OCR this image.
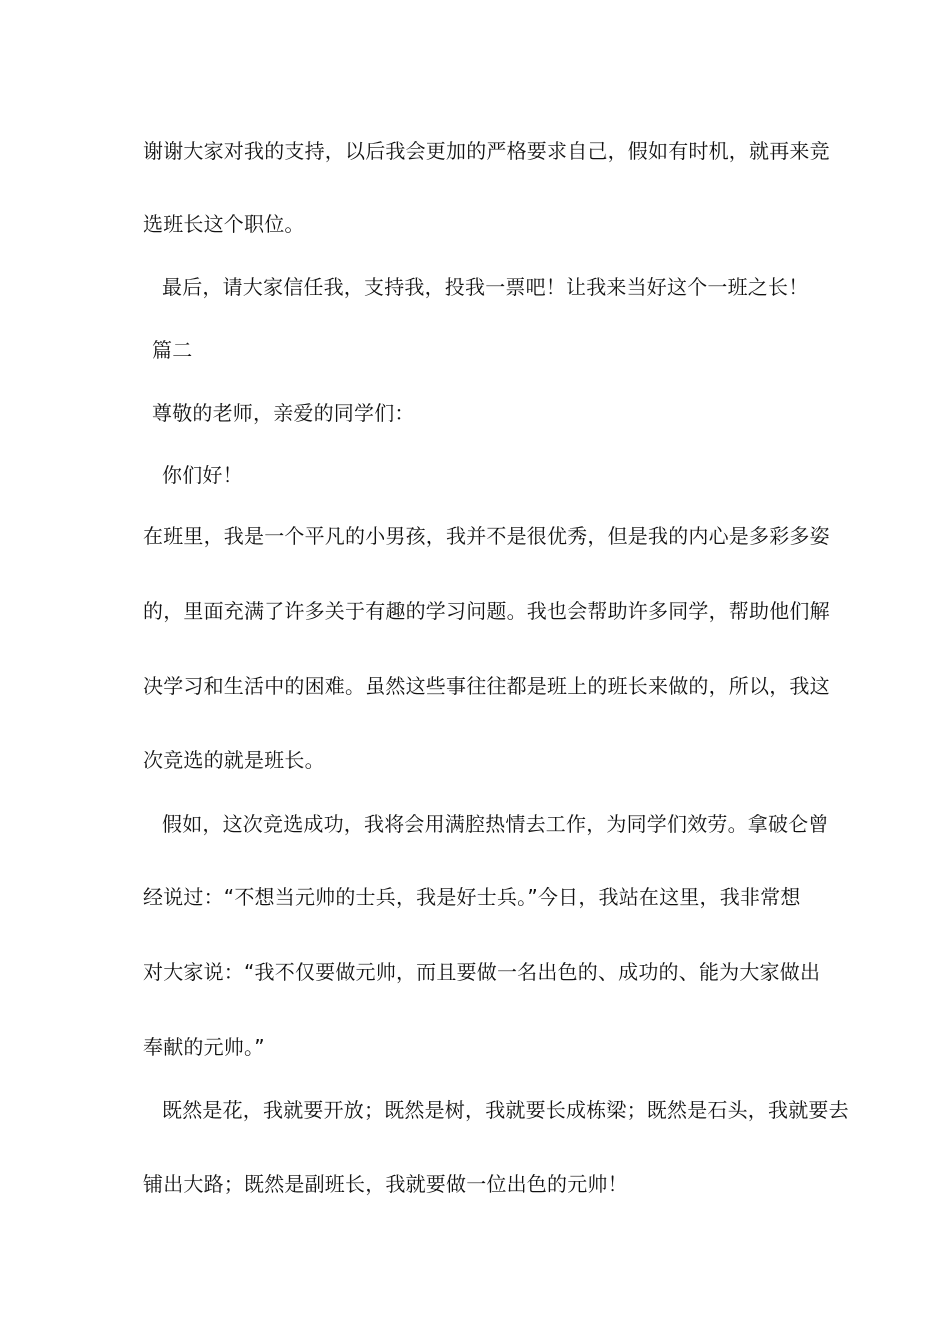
谢谢大家对我的支持，以后我会更加的严格要求自己，假如有时机，就再来竞
选班长这个职位。
最后，请大家信任我，支持我，投我一票吧！让我来当好这个一班之长！
篇二
尊敬的老师，亲爱的同学们：
你们好！
在班里，我是一个平凡的小男孩，我并不是很优秀，但是我的内心是多彩多姿
的，里面充满了许多关于有趣的学习问题。我也会帮助许多同学，帮助他们解
决学习和生活中的困难。虽然这些事往往都是班上的班长来做的，所以，我这
次竞选的就是班长。
假如，这次竞选成功，我将会用满腔热情去工作，为同学们效劳。拿破仑曾
经说过：“不想当元帅的士兵，我是好士兵。”今日，我站在这里，我非常想
对大家说：“我不仅要做元帅，而且要做一名出色的、成功的、能为大家做出
奉献的元帅。”
既然是花，我就要开放；既然是树，我就要长成栋梁；既然是石头，我就要去
铺出大路；既然是副班长，我就要做一位出色的元帅！
